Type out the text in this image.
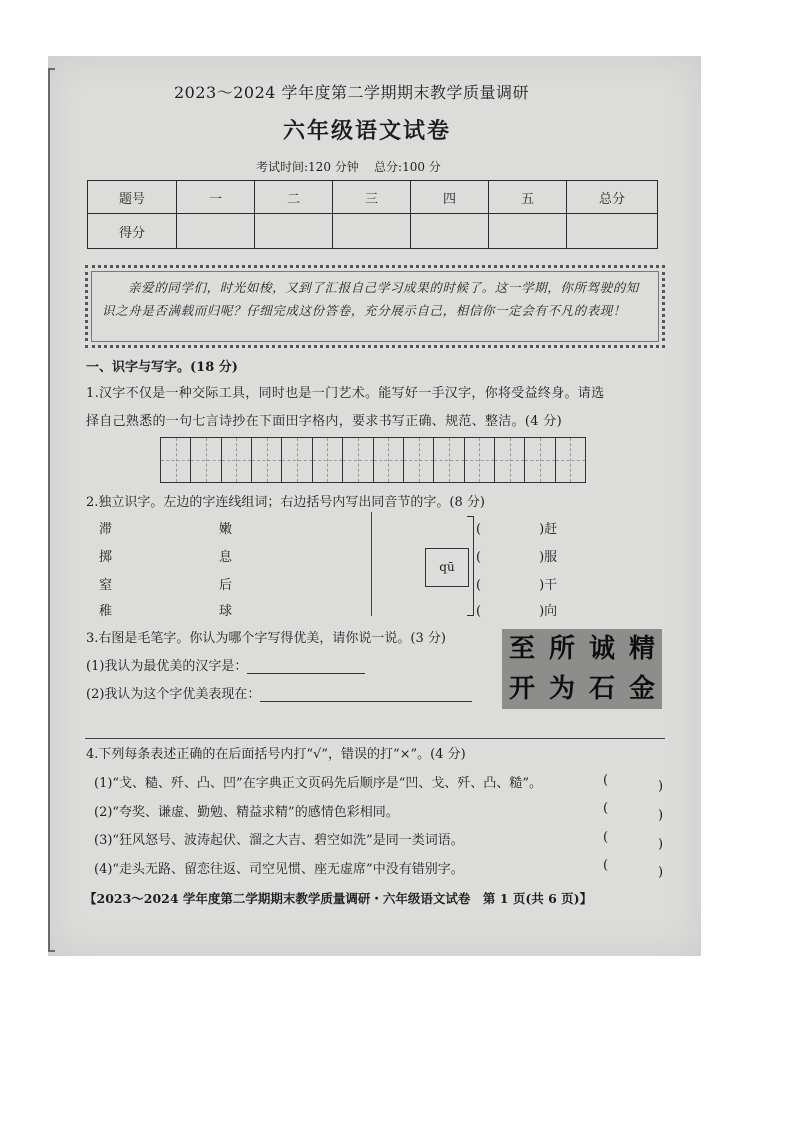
2023～2024 学年度第二学期期末教学质量调研
六年级语文试卷
考试时间:120 分钟    总分:100 分
题号	一	二	三	四	五	总分
得分						
亲爱的同学们，时光如梭，又到了汇报自己学习成果的时候了。这一学期，你所驾驶的知识之舟是否满载而归呢？仔细完成这份答卷，充分展示自己，相信你一定会有不凡的表现！
一、识字与写字。(18 分)
1.汉字不仅是一种交际工具，同时也是一门艺术。能写好一手汉字，你将受益终身。请选
择自己熟悉的一句七言诗抄在下面田字格内，要求书写正确、规范、整洁。(4 分)
2.独立识字。左边的字连线组词；右边括号内写出同音节的字。(8 分)
滞
掷
窒
稚
嫩
息
后
球
qū
(	)赶
(	)服
(	)干
(	)向
3.右图是毛笔字。你认为哪个字写得优美，请你说一说。(3 分)
(1)我认为最优美的汉字是：
(2)我认为这个字优美表现在：
至 所 诚 精
开 为 石 金
4.下列每条表述正确的在后面括号内打“√”，错误的打“×”。(4 分)
(1)“戈、糙、歼、凸、凹”在字典正文页码先后顺序是“凹、戈、歼、凸、糙”。
(2)“夸奖、谦虚、勤勉、精益求精”的感情色彩相同。
(3)“狂风怒号、波涛起伏、溜之大吉、碧空如洗”是同一类词语。
(4)“走头无路、留恋往返、司空见惯、座无虚席”中没有错别字。
(	)
(	)
(	)
(	)
【2023～2024 学年度第二学期期末教学质量调研・六年级语文试卷　第 1 页(共 6 页)】
